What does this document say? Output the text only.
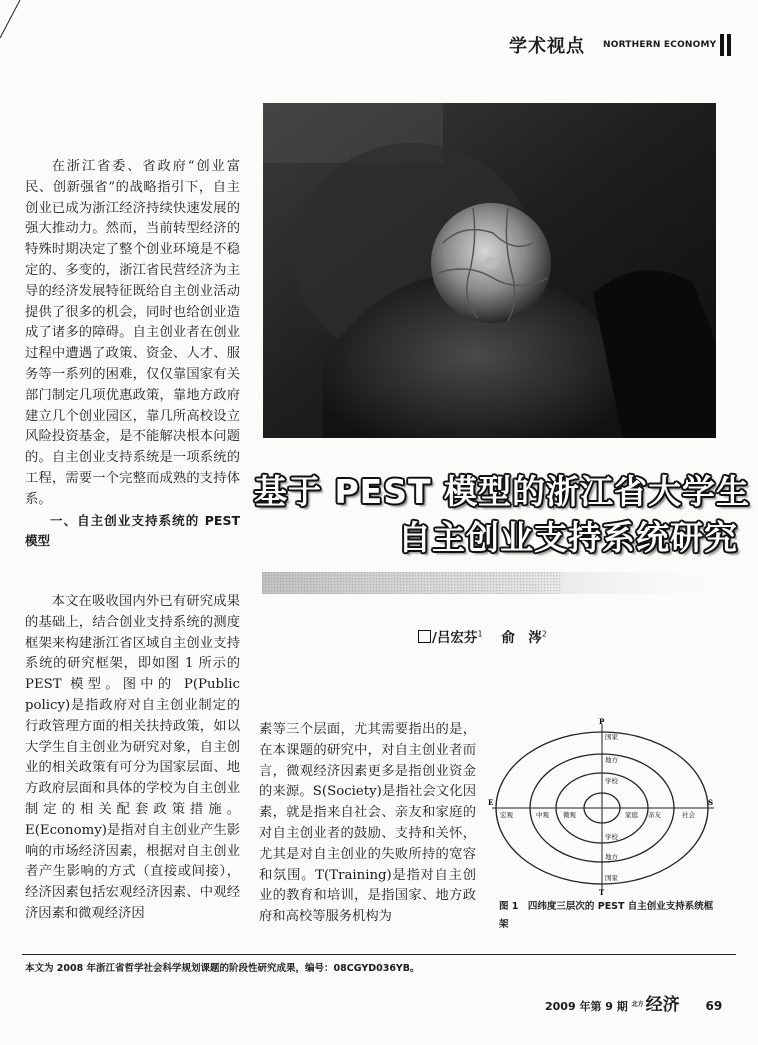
学术视点 NORTHERN ECONOMY
基于 PEST 模型的浙江省大学生
自主创业支持系统研究
/吕宏芬$^1$ 俞　涔$^2$

在浙江省委、省政府“创业富民、创新强省”的战略指引下，自主创业已成为浙江经济持续快速发展的强大推动力。然而，当前转型经济的特殊时期决定了整个创业环境是不稳定的、多变的，浙江省民营经济为主导的经济发展特征既给自主创业活动提供了很多的机会，同时也给创业造成了诸多的障碍。自主创业者在创业过程中遭遇了政策、资金、人才、服务等一系列的困难，仅仅靠国家有关部门制定几项优惠政策，靠地方政府建立几个创业园区，靠几所高校设立风险投资基金，是不能解决根本问题的。自主创业支持系统是一项系统的工程，需要一个完整而成熟的支持体系。

一、自主创业支持系统的 PEST 模型

本文在吸收国内外已有研究成果的基础上，结合创业支持系统的测度框架来构建浙江省区域自主创业支持系统的研究框架，即如图 1 所示的 PEST 模型。图中的 P(Public policy)是指政府对自主创业制定的行政管理方面的相关扶持政策，如以大学生自主创业为研究对象，自主创业的相关政策有可分为国家层面、地方政府层面和具体的学校为自主创业制定的相关配套政策措施。E(Economy)是指对自主创业产生影响的市场经济因素，根据对自主创业者产生影响的方式（直接或间接），经济因素包括宏观经济因素、中观经济因素和微观经济因

素等三个层面，尤其需要指出的是，在本课题的研究中，对自主创业者而言，微观经济因素更多是指创业资金的来源。S(Society)是指社会文化因素，就是指来自社会、亲友和家庭的对自主创业者的鼓励、支持和关怀，尤其是对自主创业的失败所持的宽容和氛围。T(Training)是指对自主创业的教育和培训，是指国家、地方政府和高校等服务机构为

P
T
E	S
国家
地方
学校
学校
地方
国家
宏观	中观 微观	家庭 亲友	社会
图 1　四纬度三层次的 PEST 自主创业支持系统框架
本文为 2008 年浙江省哲学社会科学规划课题的阶段性研究成果，编号：08CGYD036YB。
2009 年第 9 期 $^{北方}$ 经济 69
